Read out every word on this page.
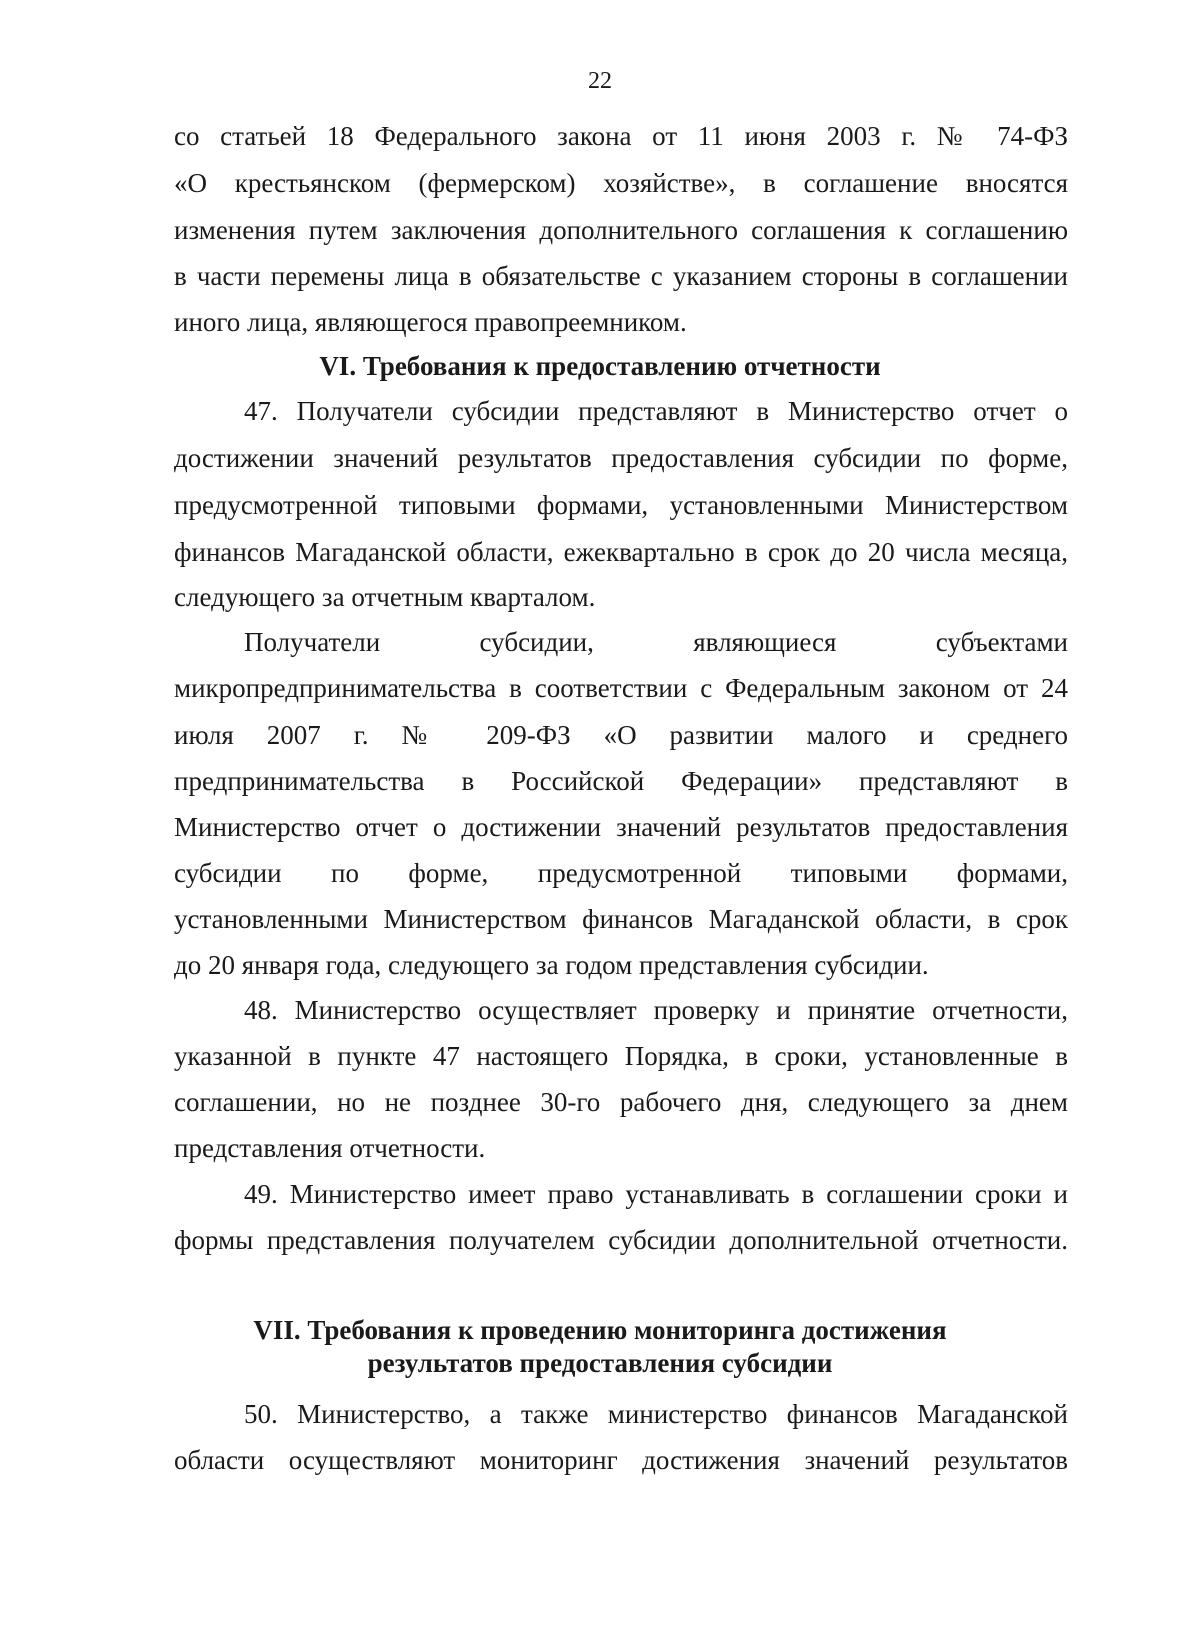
22
со статьей 18 Федерального закона от 11 июня 2003 г. № 74-ФЗ
«О крестьянском (фермерском) хозяйстве», в соглашение вносятся
изменения путем заключения дополнительного соглашения к соглашению
в части перемены лица в обязательстве с указанием стороны в соглашении
иного лица, являющегося правопреемником.
VI. Требования к предоставлению отчетности
47. Получатели субсидии представляют в Министерство отчет о
достижении значений результатов предоставления субсидии по форме,
предусмотренной типовыми формами, установленными Министерством
финансов Магаданской области, ежеквартально в срок до 20 числа месяца,
следующего за отчетным кварталом.
Получатели субсидии, являющиеся субъектами
микропредпринимательства в соответствии с Федеральным законом от 24
июля 2007 г. № 209-ФЗ «О развитии малого и среднего
предпринимательства в Российской Федерации» представляют в
Министерство отчет о достижении значений результатов предоставления
субсидии по форме, предусмотренной типовыми формами,
установленными Министерством финансов Магаданской области, в срок
до 20 января года, следующего за годом представления субсидии.
48. Министерство осуществляет проверку и принятие отчетности,
указанной в пункте 47 настоящего Порядка, в сроки, установленные в
соглашении, но не позднее 30-го рабочего дня, следующего за днем
представления отчетности.
49. Министерство имеет право устанавливать в соглашении сроки и
формы представления получателем субсидии дополнительной отчетности.
VII. Требования к проведению мониторинга достижения
результатов предоставления субсидии
50. Министерство, а также министерство финансов Магаданской
области осуществляют мониторинг достижения значений результатов
